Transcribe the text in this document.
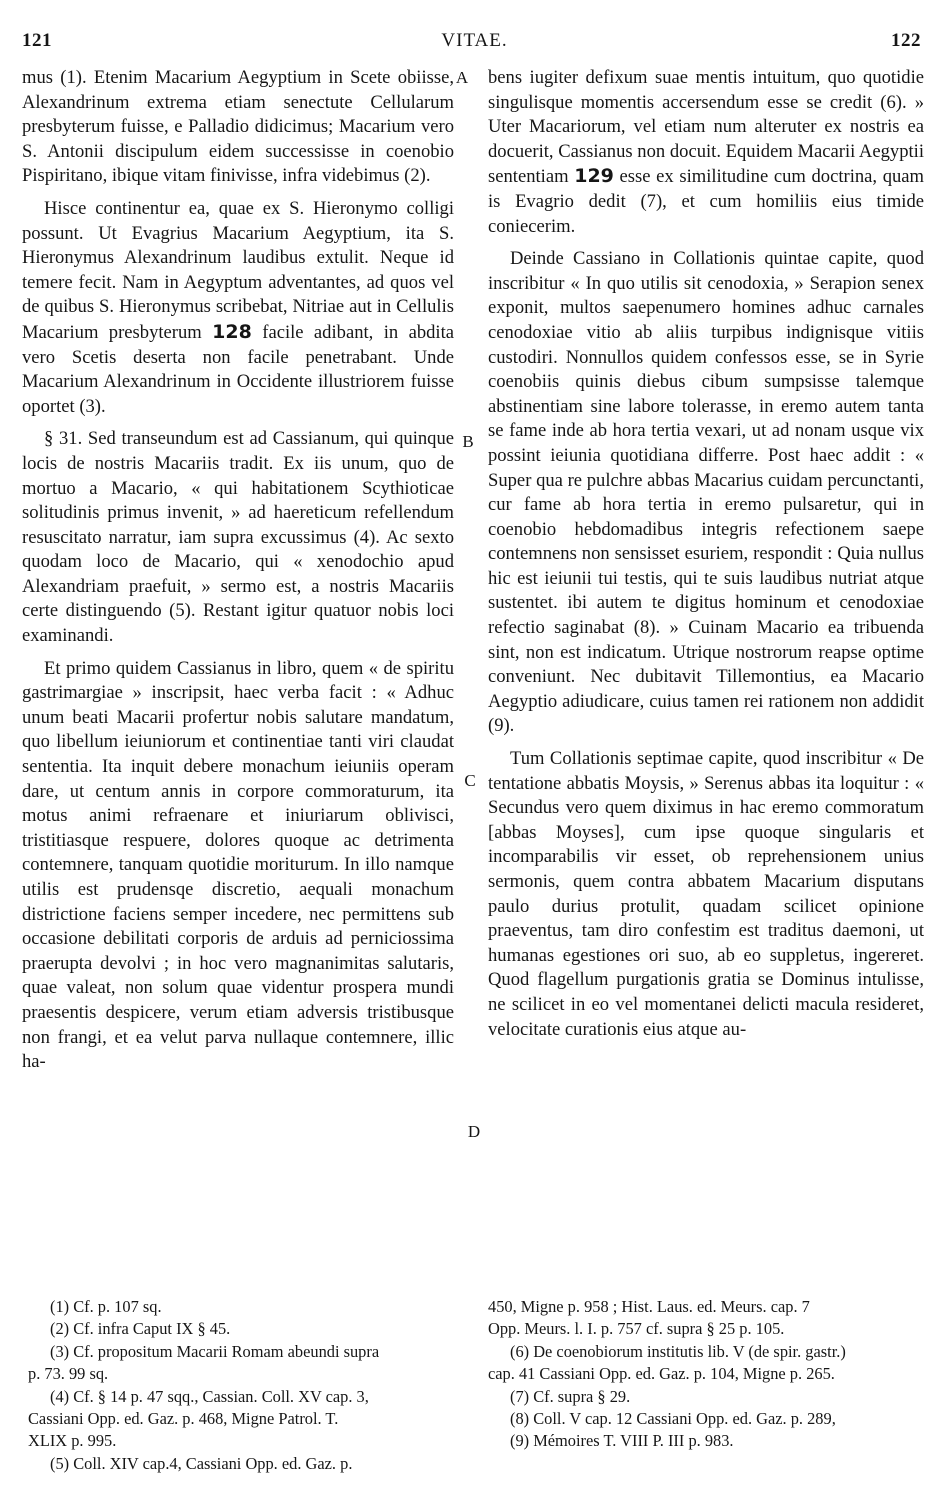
121	VITAE.	122

mus (1). Etenim Macarium Aegyptium in Scete obiisse, Alexandrinum extrema etiam senectute Cellularum presbyterum fuisse, e Palladio didicimus; Macarium vero S. Antonii discipulum eidem successisse in coenobio Pispiritano, ibique vitam finivisse, infra videbimus (2).

Hisce continentur ea, quae ex S. Hieronymo colligi possunt. Ut Evagrius Macarium Aegyptium, ita S. Hieronymus Alexandrinum laudibus extulit. Neque id temere fecit. Nam in Aegyptum adventantes, ad quos vel de quibus S. Hieronymus scribebat, Nitriae aut in Cellulis Macarium presbyterum 128 facile adibant, in abdita vero Scetis deserta non facile penetrabant. Unde Macarium Alexandrinum in Occidente illustriorem fuisse oportet (3).

§ 31. Sed transeundum est ad Cassianum, qui quinque locis de nostris Macariis tradit. Ex iis unum, quo de mortuo a Macario, « qui habitationem Scythioticae solitudinis primus invenit, » ad haereticum refellendum resuscitato narratur, iam supra excussimus (4). Ac sexto quodam loco de Macario, qui « xenodochio apud Alexandriam praefuit, » sermo est, a nostris Macariis certe distinguendo (5). Restant igitur quatuor nobis loci examinandi.

Et primo quidem Cassianus in libro, quem « de spiritu gastrimargiae » inscripsit, haec verba facit : « Adhuc unum beati Macarii profertur nobis salutare mandatum, quo libellum ieiuniorum et continentiae tanti viri claudat sententia. Ita inquit debere monachum ieiuniis operam dare, ut centum annis in corpore commoraturum, ita motus animi refraenare et iniuriarum oblivisci, tristitiasque respuere, dolores quoque ac detrimenta contemnere, tanquam quotidie moriturum. In illo namque utilis est prudensqe discretio, aequali monachum districtione faciens semper incedere, nec permittens sub occasione debilitati corporis de arduis ad perniciossima praerupta devolvi ; in hoc vero magnanimitas salutaris, quae valeat, non solum quae videntur prospera mundi praesentis despicere, verum etiam adversis tristibusque non frangi, et ea velut parva nullaque contemnere, illic ha-

A
B
C
D

bens iugiter defixum suae mentis intuitum, quo quotidie singulisque momentis accersendum esse se credit (6). » Uter Macariorum, vel etiam num alteruter ex nostris ea docuerit, Cassianus non docuit. Equidem Macarii Aegyptii sententiam 129 esse ex similitudine cum doctrina, quam is Evagrio dedit (7), et cum homiliis eius timide coniecerim.

Deinde Cassiano in Collationis quintae capite, quod inscribitur « In quo utilis sit cenodoxia, » Serapion senex exponit, multos saepenumero homines adhuc carnales cenodoxiae vitio ab aliis turpibus indignisque vitiis custodiri. Nonnullos quidem confessos esse, se in Syrie coenobiis quinis diebus cibum sumpsisse talemque abstinentiam sine labore tolerasse, in eremo autem tanta se fame inde ab hora tertia vexari, ut ad nonam usque vix possint ieiunia quotidiana differre. Post haec addit : « Super qua re pulchre abbas Macarius cuidam percunctanti, cur fame ab hora tertia in eremo pulsaretur, qui in coenobio hebdomadibus integris refectionem saepe contemnens non sensisset esuriem, respondit : Quia nullus hic est ieiunii tui testis, qui te suis laudibus nutriat atque sustentet. ibi autem te digitus hominum et cenodoxiae refectio saginabat (8). » Cuinam Macario ea tribuenda sint, non est indicatum. Utrique nostrorum reapse optime conveniunt. Nec dubitavit Tillemontius, ea Macario Aegyptio adiudicare, cuius tamen rei rationem non addidit (9).

Tum Collationis septimae capite, quod inscribitur « De tentatione abbatis Moysis, » Serenus abbas ita loquitur : « Secundus vero quem diximus in hac eremo commoratum [abbas Moyses], cum ipse quoque singularis et incomparabilis vir esset, ob reprehensionem unius sermonis, quem contra abbatem Macarium disputans paulo durius protulit, quadam scilicet opinione praeventus, tam diro confestim est traditus daemoni, ut humanas egestiones ori suo, ab eo suppletus, ingereret. Quod flagellum purgationis gratia se Dominus intulisse, ne scilicet in eo vel momentanei delicti macula resideret, velocitate curationis eius atque au-

(1) Cf. p. 107 sq.

(2) Cf. infra Caput IX § 45.

(3) Cf. propositum Macarii Romam abeundi supra

p. 73. 99 sq.

(4) Cf. § 14 p. 47 sqq., Cassian. Coll. XV cap. 3,

Cassiani Opp. ed. Gaz. p. 468, Migne Patrol. T.

XLIX p. 995.

(5) Coll. XIV cap.4, Cassiani Opp. ed. Gaz. p.

450, Migne p. 958 ; Hist. Laus. ed. Meurs. cap. 7

Opp. Meurs. l. I. p. 757 cf. supra § 25 p. 105.

(6) De coenobiorum institutis lib. V (de spir. gastr.)

cap. 41 Cassiani Opp. ed. Gaz. p. 104, Migne p. 265.

(7) Cf. supra § 29.

(8) Coll. V cap. 12 Cassiani Opp. ed. Gaz. p. 289,

(9) Mémoires T. VIII P. III p. 983.
